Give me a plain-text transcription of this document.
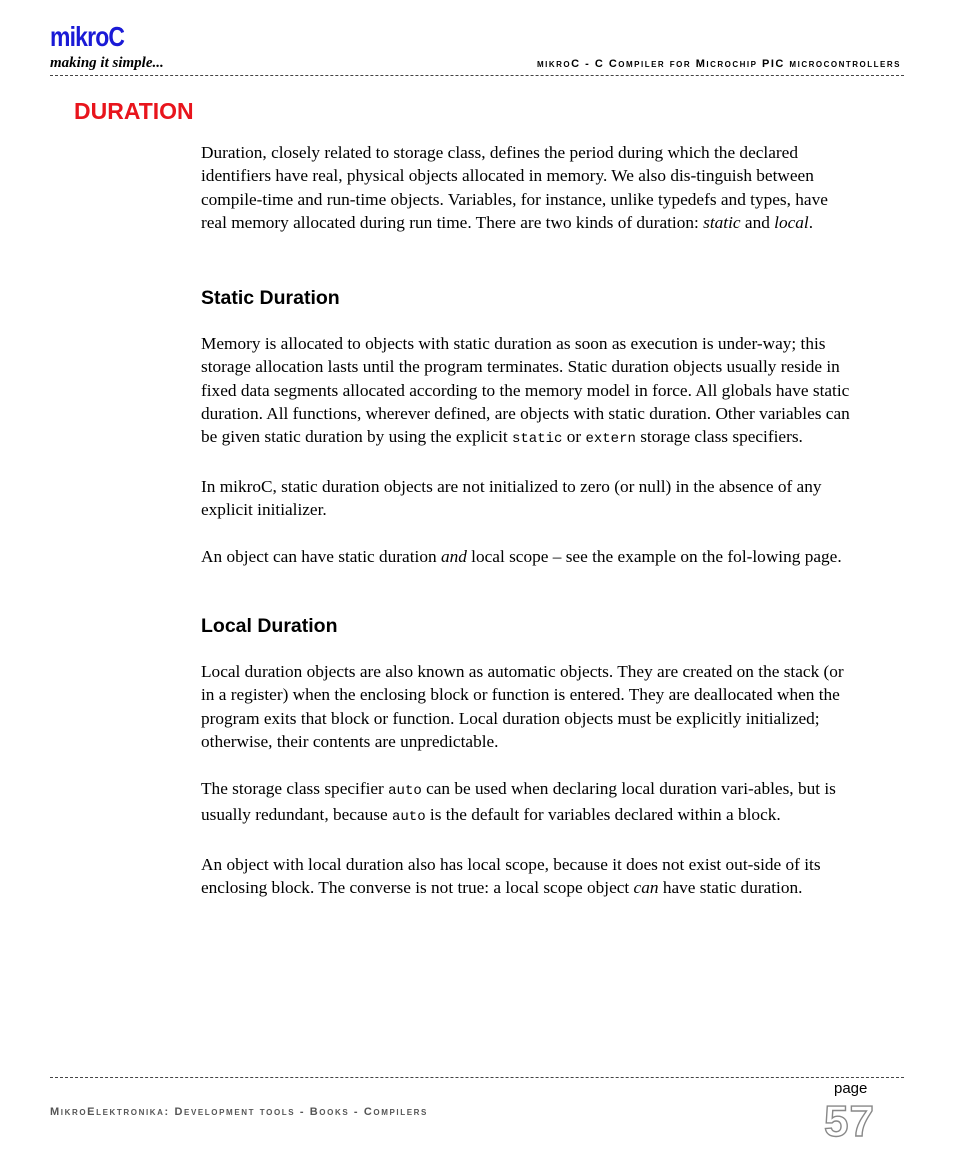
mikroC
making it simple...	mikroC - C Compiler for Microchip PIC microcontrollers
DURATION

Duration, closely related to storage class, defines the period during which the declared identifiers have real, physical objects allocated in memory. We also dis-tinguish between compile-time and run-time objects. Variables, for instance, unlike typedefs and types, have real memory allocated during run time. There are two kinds of duration: static and local.

Static Duration

Memory is allocated to objects with static duration as soon as execution is under-way; this storage allocation lasts until the program terminates. Static duration objects usually reside in fixed data segments allocated according to the memory model in force. All globals have static duration. All functions, wherever defined, are objects with static duration. Other variables can be given static duration by using the explicit static or extern storage class specifiers.

In mikroC, static duration objects are not initialized to zero (or null) in the absence of any explicit initializer.

An object can have static duration and local scope – see the example on the fol-lowing page.

Local Duration

Local duration objects are also known as automatic objects. They are created on the stack (or in a register) when the enclosing block or function is entered. They are deallocated when the program exits that block or function. Local duration objects must be explicitly initialized; otherwise, their contents are unpredictable.

The storage class specifier auto can be used when declaring local duration vari-ables, but is usually redundant, because auto is the default for variables declared within a block.

An object with local duration also has local scope, because it does not exist out-side of its enclosing block. The converse is not true: a local scope object can have static duration.

MikroElektronika: Development tools - Books - Compilers
page
57
